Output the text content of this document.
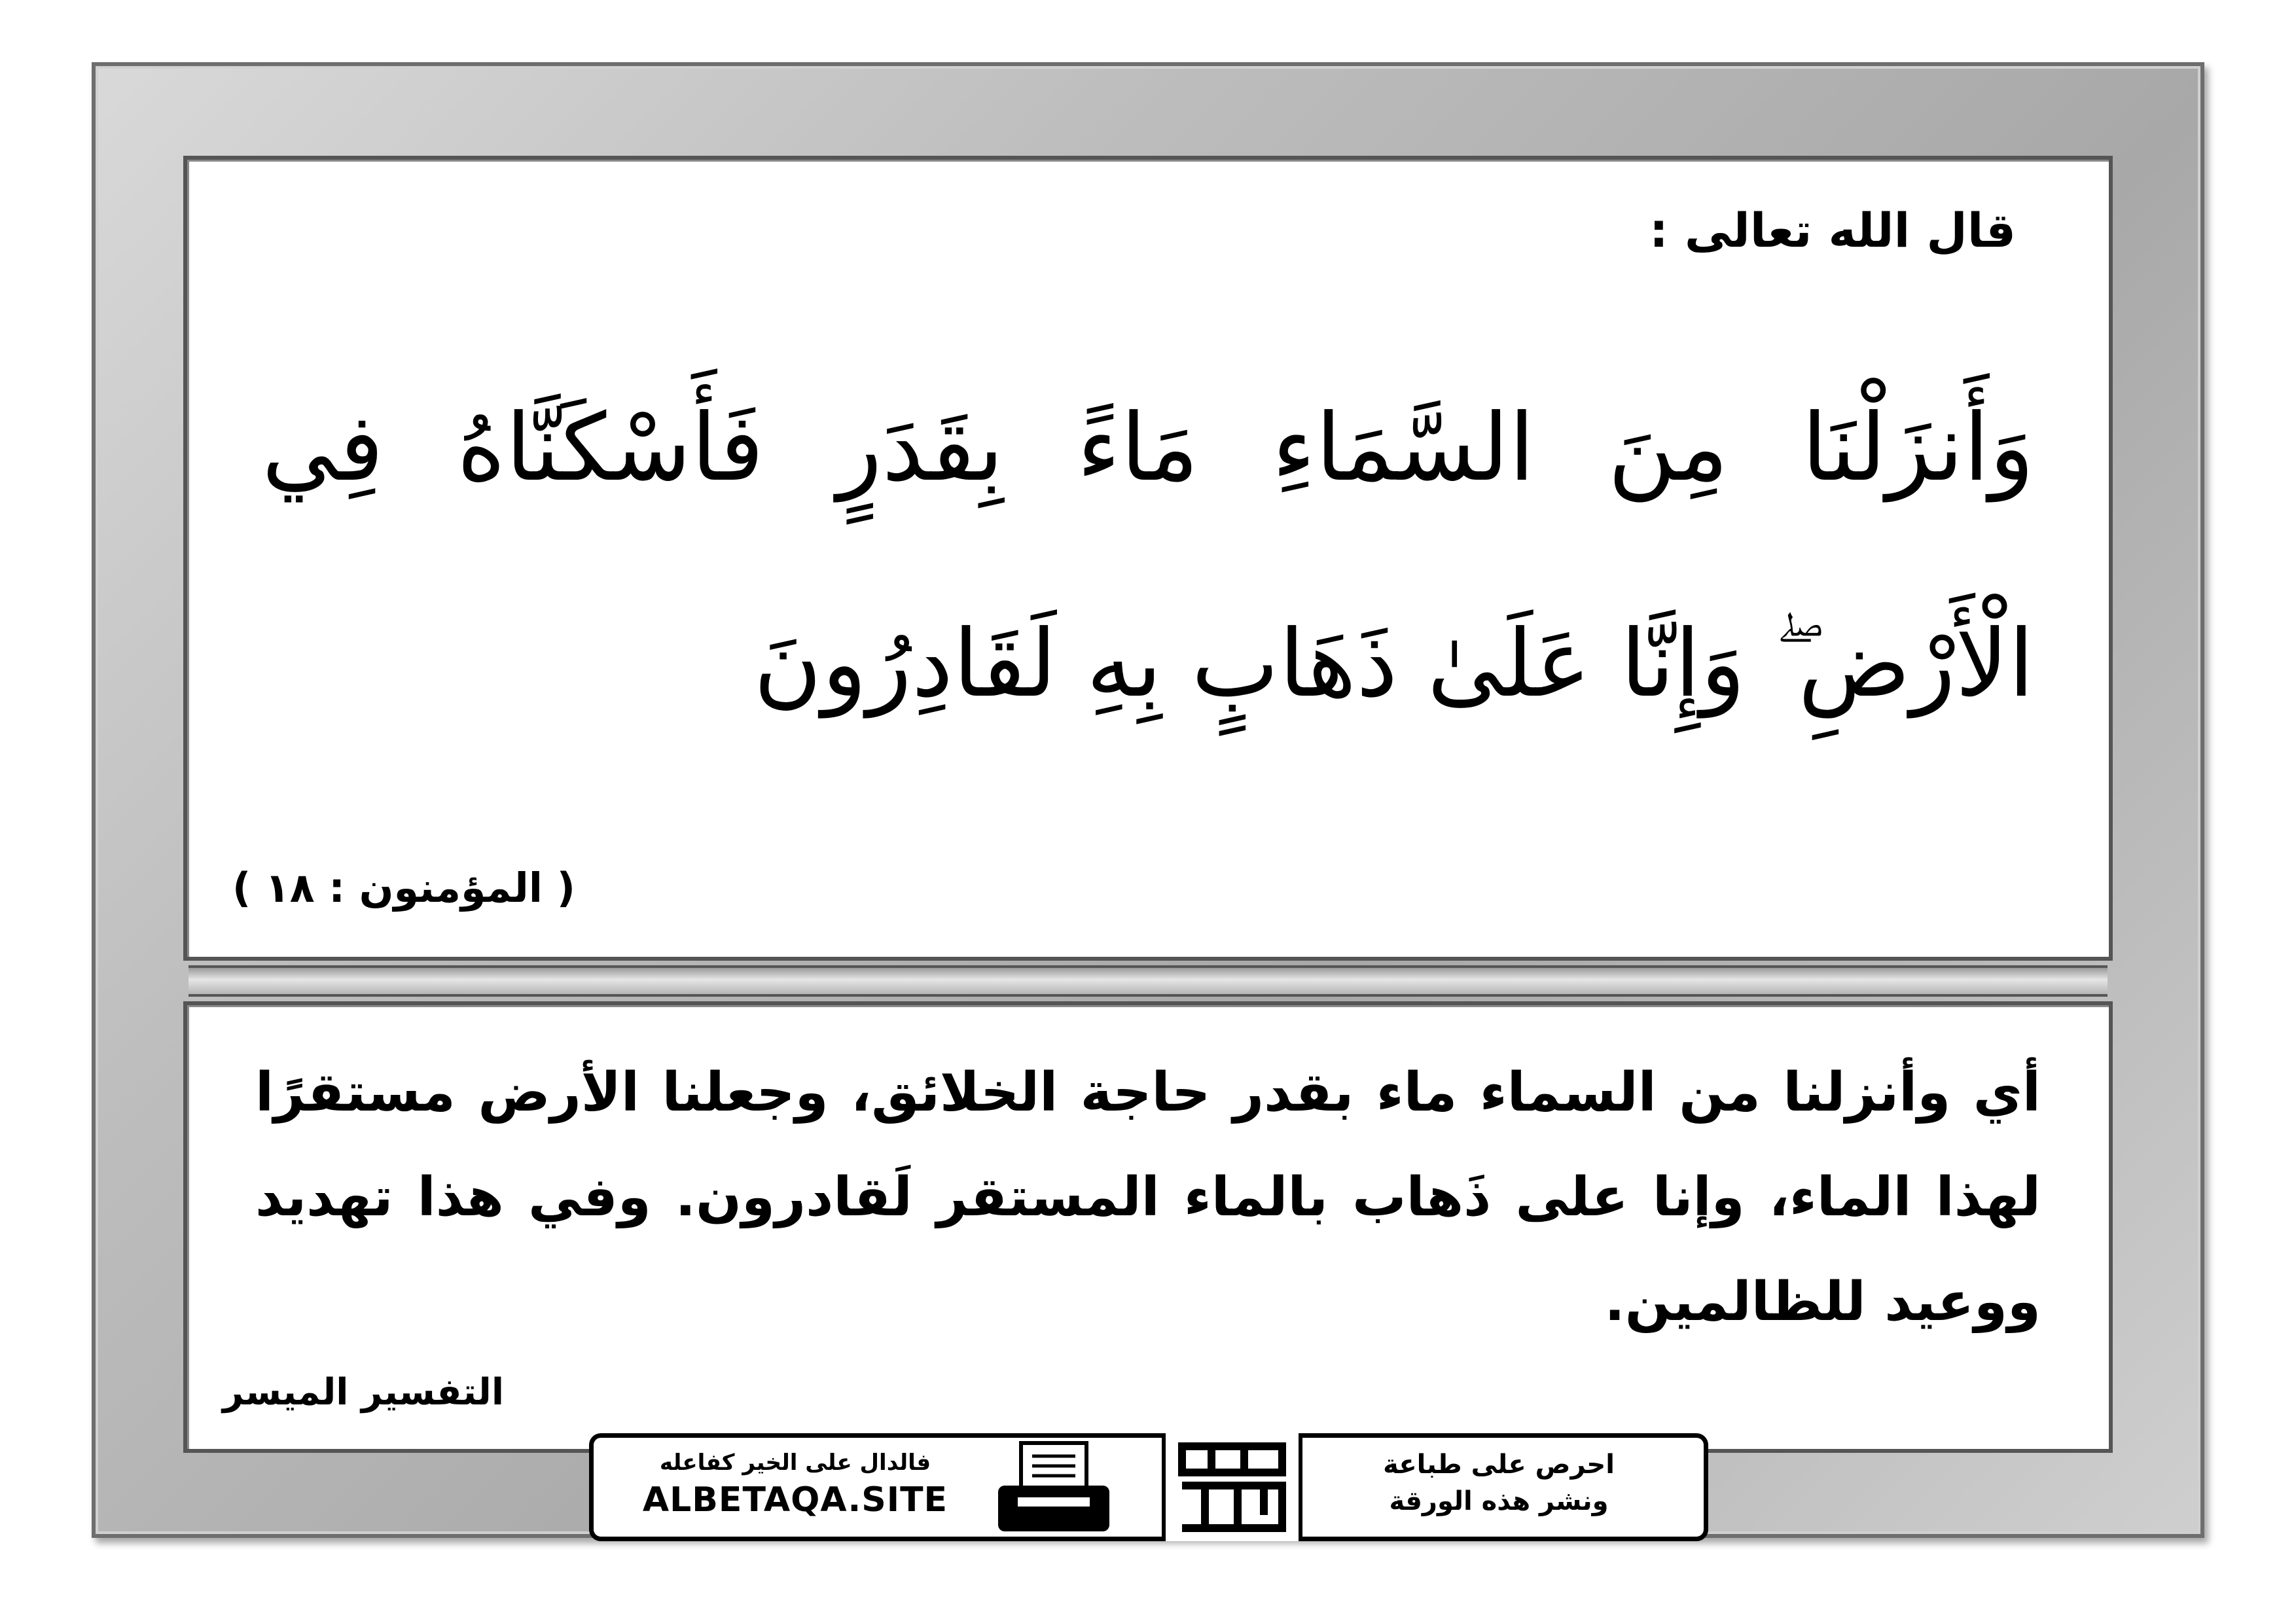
قال الله تعالى :
وَأَنزَلْنَا مِنَ السَّمَاءِ مَاءً بِقَدَرٍ فَأَسْكَنَّاهُ فِي الْأَرْضِ ۖ وَإِنَّا عَلَىٰ ذَهَابٍ بِهِ لَقَادِرُونَ
( المؤمنون : ١٨ )
أي وأنزلنا من السماء ماء بقدر حاجة الخلائق، وجعلنا الأرض مستقرًا لهذا الماء، وإنا على ذَهاب بالماء المستقر لَقادرون. وفي هذا تهديد ووعيد للظالمين.
التفسير الميسر
فالدال على الخير كفاعله
ALBETAQA.SITE
احرص على طباعة
ونشر هذه الورقة
